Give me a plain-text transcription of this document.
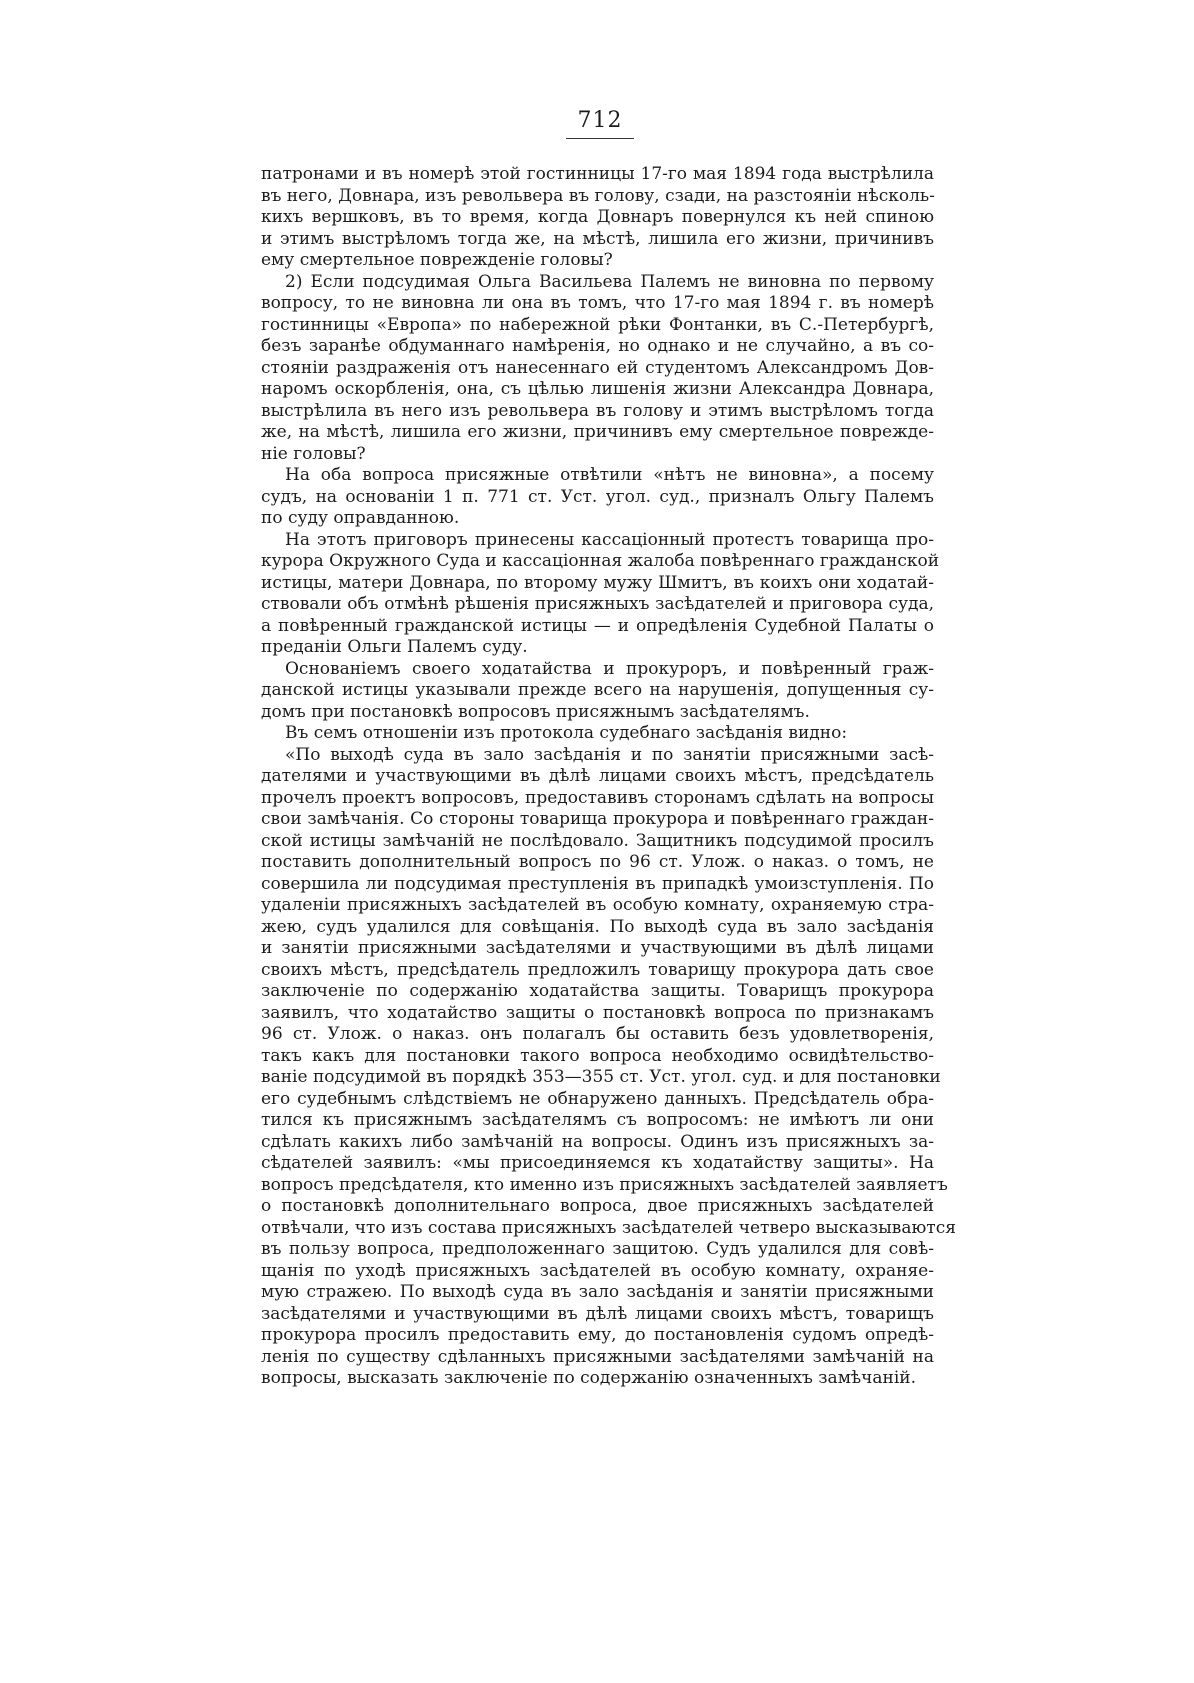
712
патронами и въ номерѣ этой гостинницы 17-го мая 1894 года выстрѣлила
въ него, Довнара, изъ револьвера въ голову, сзади, на разстояніи нѣсколь-
кихъ вершковъ, въ то время, когда Довнаръ повернулся къ ней спиною
и этимъ выстрѣломъ тогда же, на мѣстѣ, лишила его жизни, причинивъ
ему смертельное поврежденіе головы?
2) Если подсудимая Ольга Васильева Палемъ не виновна по первому
вопросу, то не виновна ли она въ томъ, что 17-го мая 1894 г. въ номерѣ
гостинницы «Европа» по набережной рѣки Фонтанки, въ С.-Петербургѣ,
безъ заранѣе обдуманнаго намѣренія, но однако и не случайно, а въ со-
стояніи раздраженія отъ нанесеннаго ей студентомъ Александромъ Дов-
наромъ оскорбленія, она, съ цѣлью лишенія жизни Александра Довнара,
выстрѣлила въ него изъ револьвера въ голову и этимъ выстрѣломъ тогда
же, на мѣстѣ, лишила его жизни, причинивъ ему смертельное поврежде-
ніе головы?
На оба вопроса присяжные отвѣтили «нѣтъ не виновна», а посему
судъ, на основаніи 1 п. 771 ст. Уст. угол. суд., призналъ Ольгу Палемъ
по суду оправданною.
На этотъ приговоръ принесены кассаціонный протестъ товарища про-
курора Окружного Суда и кассаціонная жалоба повѣреннаго гражданской
истицы, матери Довнара, по второму мужу Шмитъ, въ коихъ они ходатай-
ствовали объ отмѣнѣ рѣшенія присяжныхъ засѣдателей и приговора суда,
а повѣренный гражданской истицы — и опредѣленія Судебной Палаты о
преданіи Ольги Палемъ суду.
Основаніемъ своего ходатайства и прокуроръ, и повѣренный граж-
данской истицы указывали прежде всего на нарушенія, допущенныя су-
домъ при постановкѣ вопросовъ присяжнымъ засѣдателямъ.
Въ семъ отношеніи изъ протокола судебнаго засѣданія видно:
«По выходѣ суда въ зало засѣданія и по занятіи присяжными засѣ-
дателями и участвующими въ дѣлѣ лицами своихъ мѣстъ, предсѣдатель
прочелъ проектъ вопросовъ, предоставивъ сторонамъ сдѣлать на вопросы
свои замѣчанія. Со стороны товарища прокурора и повѣреннаго граждан-
ской истицы замѣчаній не послѣдовало. Защитникъ подсудимой просилъ
поставить дополнительный вопросъ по 96 ст. Улож. о наказ. о томъ, не
совершила ли подсудимая преступленія въ припадкѣ умоизступленія. По
удаленіи присяжныхъ засѣдателей въ особую комнату, охраняемую стра-
жею, судъ удалился для совѣщанія. По выходѣ суда въ зало засѣданія
и занятіи присяжными засѣдателями и участвующими въ дѣлѣ лицами
своихъ мѣстъ, предсѣдатель предложилъ товарищу прокурора дать свое
заключеніе по содержанію ходатайства защиты. Товарищъ прокурора
заявилъ, что ходатайство защиты о постановкѣ вопроса по признакамъ
96 ст. Улож. о наказ. онъ полагалъ бы оставить безъ удовлетворенія,
такъ какъ для постановки такого вопроса необходимо освидѣтельство-
ваніе подсудимой въ порядкѣ 353—355 ст. Уст. угол. суд. и для постановки
его судебнымъ слѣдствіемъ не обнаружено данныхъ. Предсѣдатель обра-
тился къ присяжнымъ засѣдателямъ съ вопросомъ: не имѣютъ ли они
сдѣлать какихъ либо замѣчаній на вопросы. Одинъ изъ присяжныхъ за-
сѣдателей заявилъ: «мы присоединяемся къ ходатайству защиты». На
вопросъ предсѣдателя, кто именно изъ присяжныхъ засѣдателей заявляетъ
о постановкѣ дополнительнаго вопроса, двое присяжныхъ засѣдателей
отвѣчали, что изъ состава присяжныхъ засѣдателей четверо высказываются
въ пользу вопроса, предположеннаго защитою. Судъ удалился для совѣ-
щанія по уходѣ присяжныхъ засѣдателей въ особую комнату, охраняе-
мую стражею. По выходѣ суда въ зало засѣданія и занятіи присяжными
засѣдателями и участвующими въ дѣлѣ лицами своихъ мѣстъ, товарищъ
прокурора просилъ предоставить ему, до постановленія судомъ опредѣ-
ленія по существу сдѣланныхъ присяжными засѣдателями замѣчаній на
вопросы, высказать заключеніе по содержанію означенныхъ замѣчаній.
